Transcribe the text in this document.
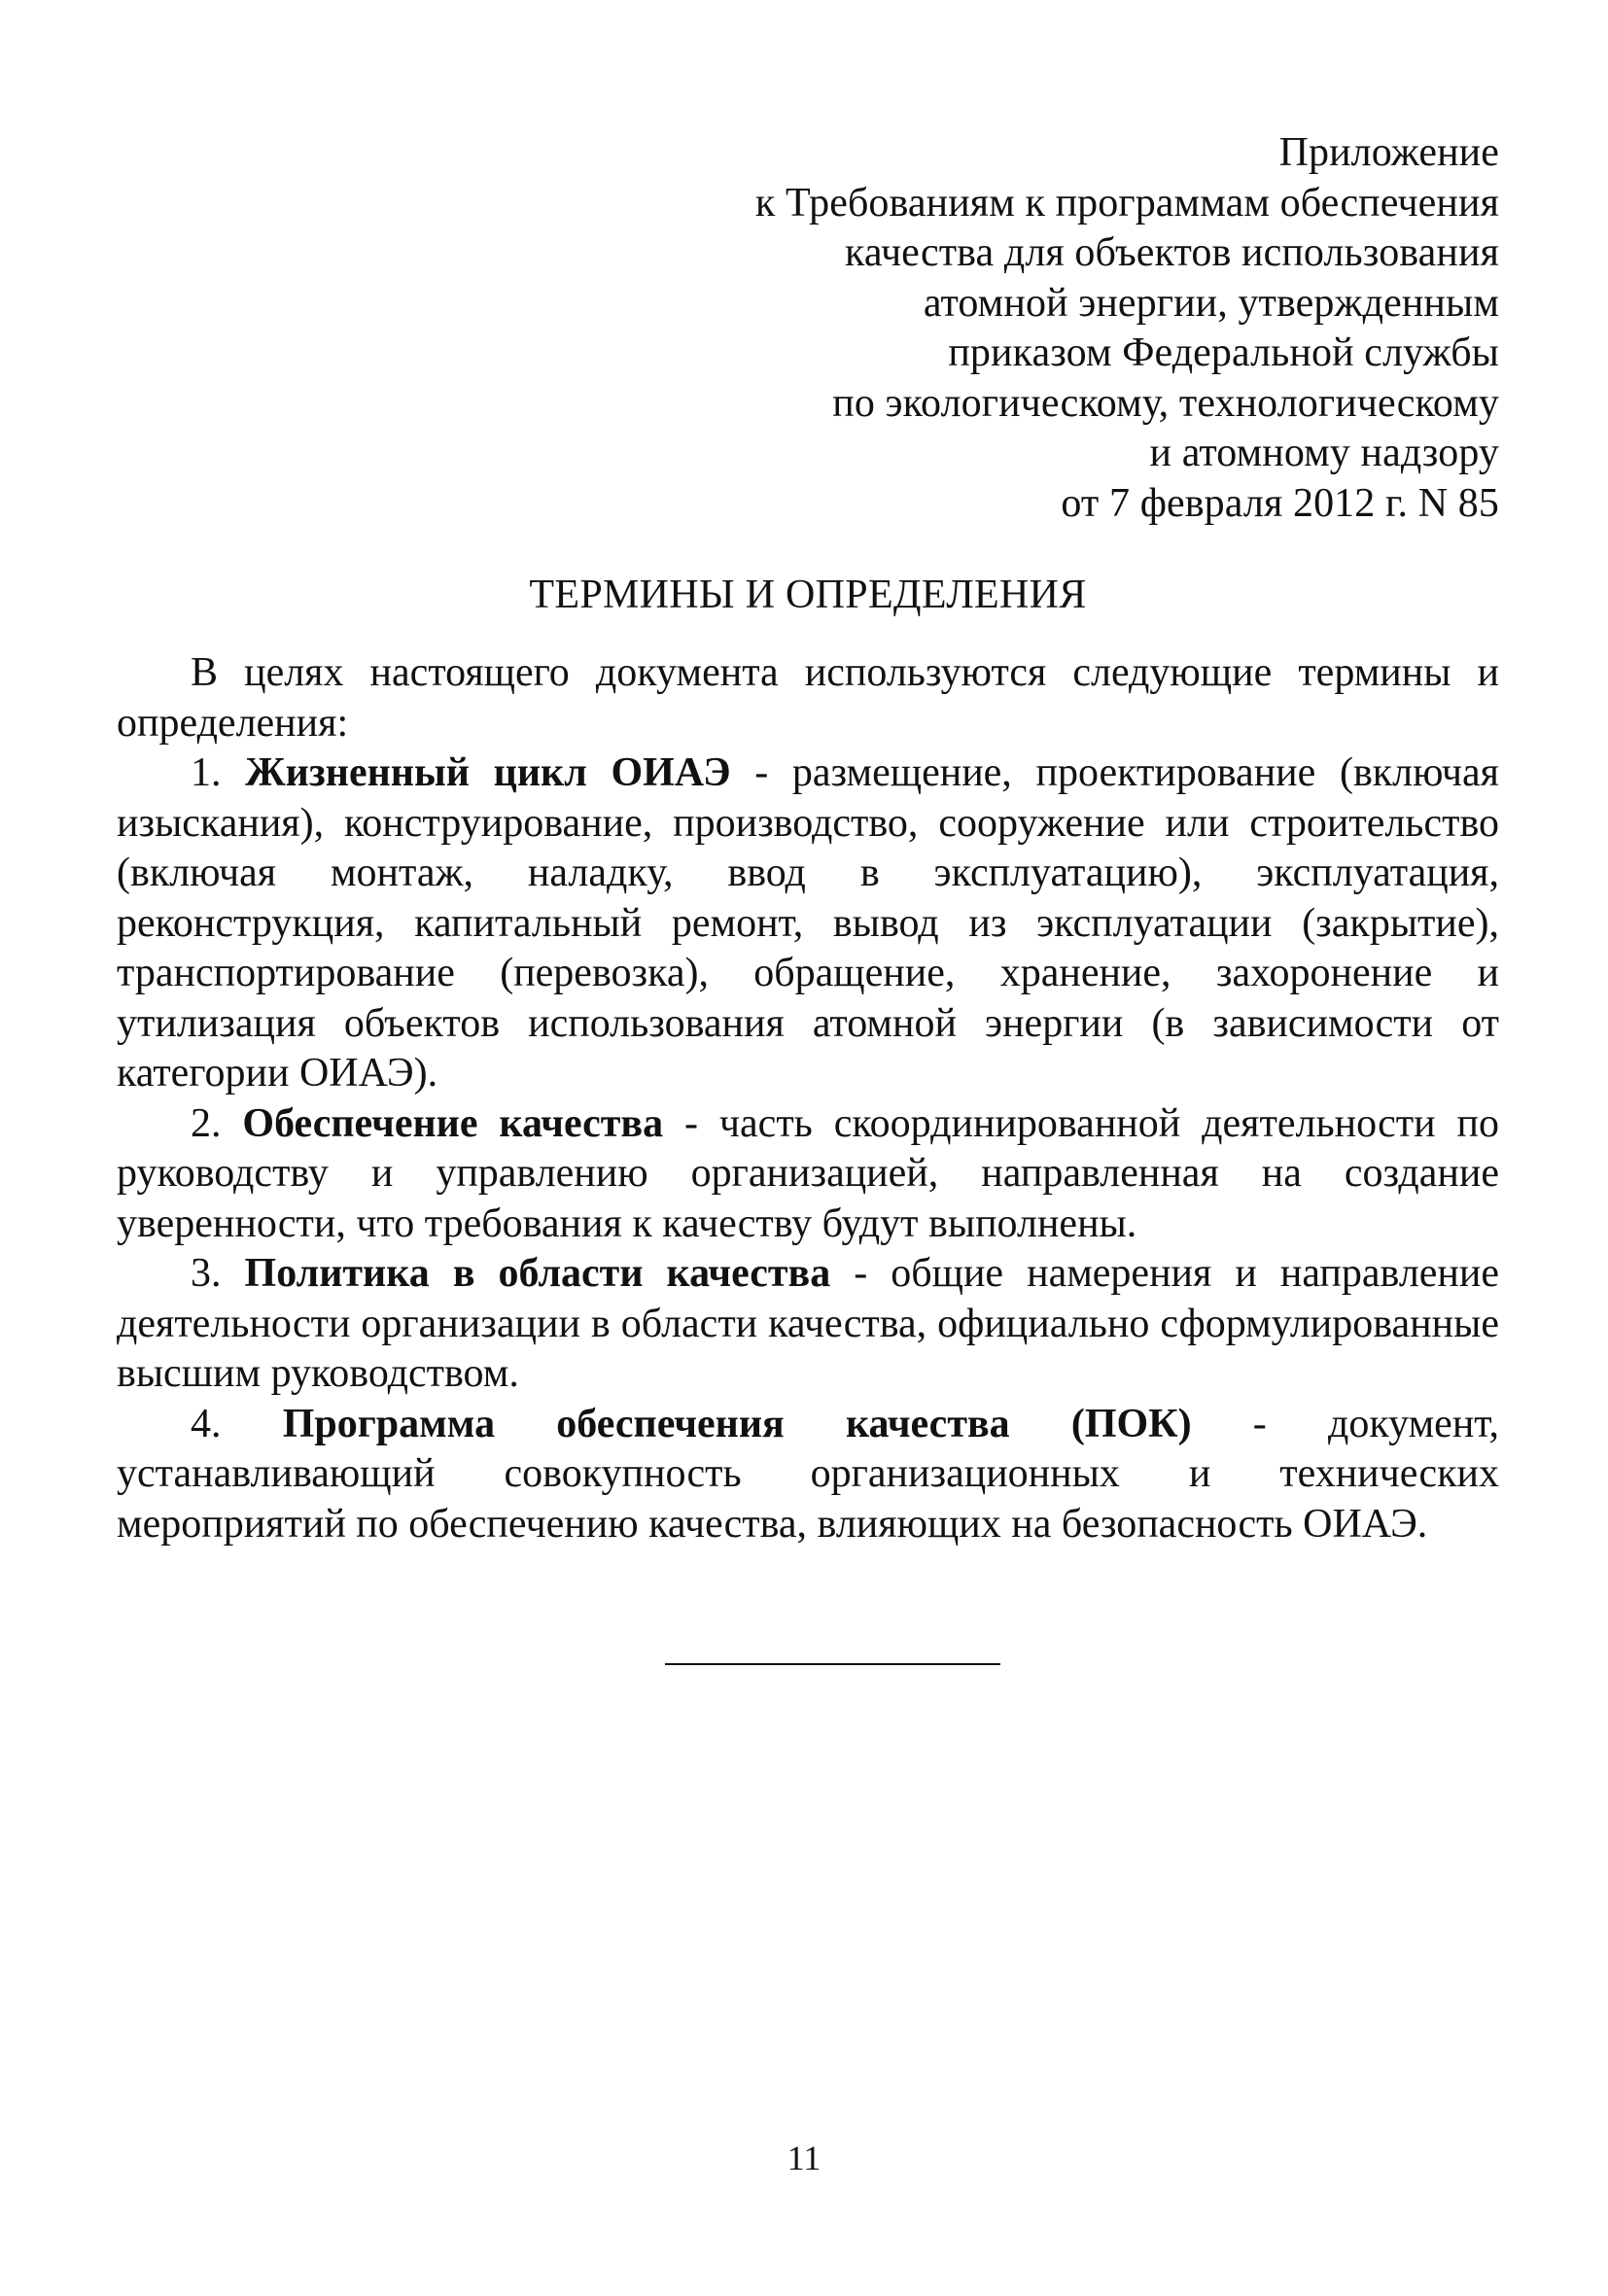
Приложение
к Требованиям к программам обеспечения
качества для объектов использования
атомной энергии, утвержденным
приказом Федеральной службы
по экологическому, технологическому
и атомному надзору
от 7 февраля 2012 г. N 85
ТЕРМИНЫ И ОПРЕДЕЛЕНИЯ

В целях настоящего документа используются следующие термины и определения:

1. Жизненный цикл ОИАЭ - размещение, проектирование (включая изыскания), конструирование, производство, сооружение или строительство (включая монтаж, наладку, ввод в эксплуатацию), эксплуатация, реконструкция, капитальный ремонт, вывод из эксплуатации (закрытие), транспортирование (перевозка), обращение, хранение, захоронение и утилизация объектов использования атомной энергии (в зависимости от категории ОИАЭ).

2. Обеспечение качества - часть скоординированной деятельности по руководству и управлению организацией, направленная на создание уверенности, что требования к качеству будут выполнены.

3. Политика в области качества - общие намерения и направление деятельности организации в области качества, официально сформулированные высшим руководством.

4. Программа обеспечения качества (ПОК) - документ, устанавливающий совокупность организационных и технических мероприятий по обеспечению качества, влияющих на безопасность ОИАЭ.

11
